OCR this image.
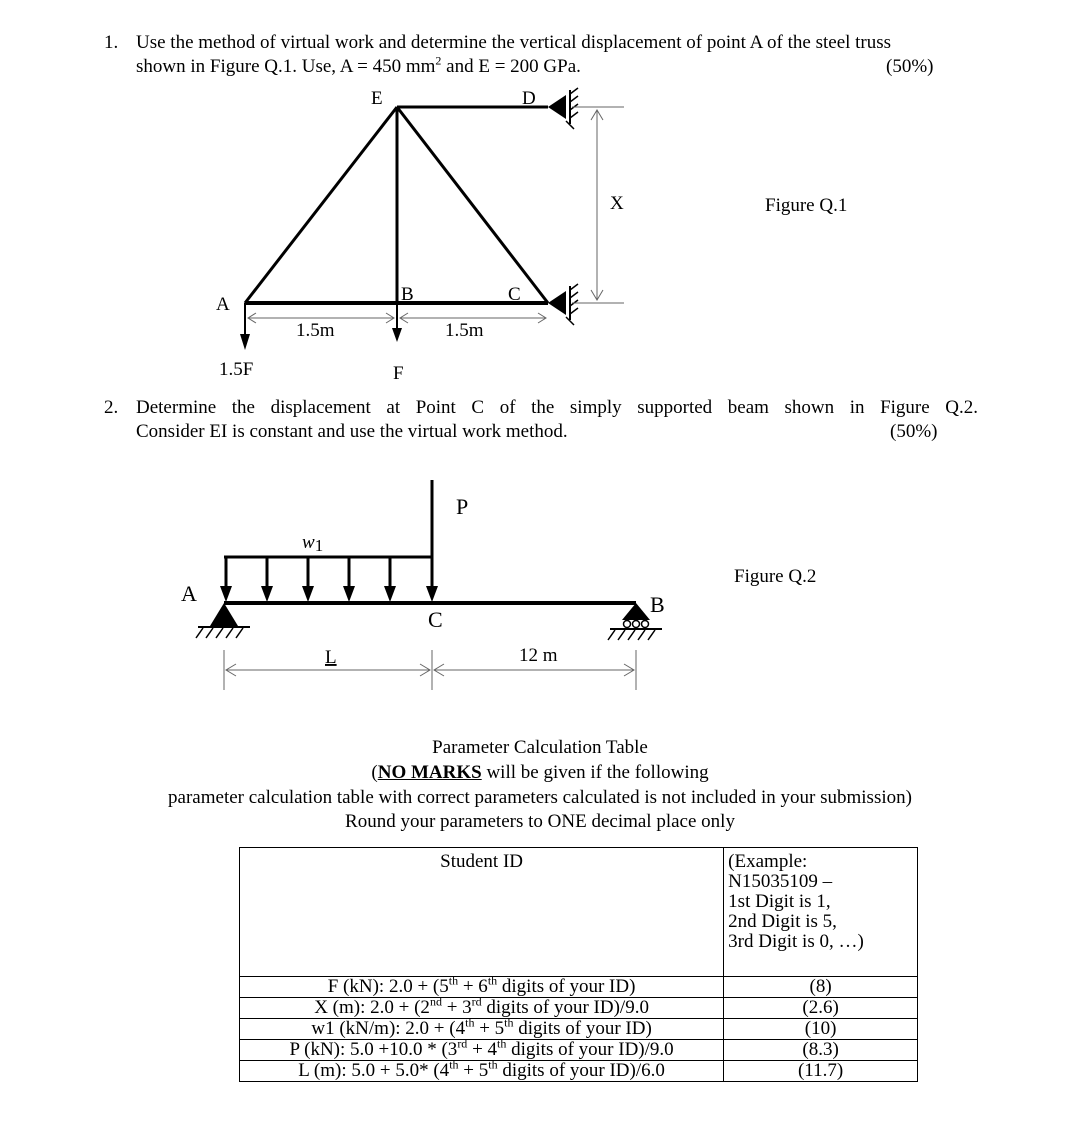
1. Use the method of virtual work and determine the vertical displacement of point A of the steel truss
shown in Figure Q.1. Use, A = 450 $mm^2$ and E = 200 GPa.	(50%)
E	D
A	B	C
X
1.5m	1.5m
1.5F	F
Figure Q.1
2. Determine the displacement at Point C of the simply supported beam shown in Figure Q.2.
Consider EI is constant and use the virtual work method.	(50%)
P
w1
A	B
C
L	12 m
Figure Q.2
Parameter Calculation Table
(NO MARKS will be given if the following
parameter calculation table with correct parameters calculated is not included in your submission)
Round your parameters to ONE decimal place only
Student ID	(Example:
N15035109 –
1st Digit is 1,
2nd Digit is 5,
3rd Digit is 0, …)

F (kN): 2.0 + (5th + 6th digits of your ID)	(8)
X (m): 2.0 + (2nd + 3rd digits of your ID)/9.0	(2.6)
w1 (kN/m): 2.0 + (4th + 5th digits of your ID)	(10)
P (kN): 5.0 +10.0 * (3rd + 4th digits of your ID)/9.0	(8.3)
L (m): 5.0 + 5.0* (4th + 5th digits of your ID)/6.0	(11.7)
